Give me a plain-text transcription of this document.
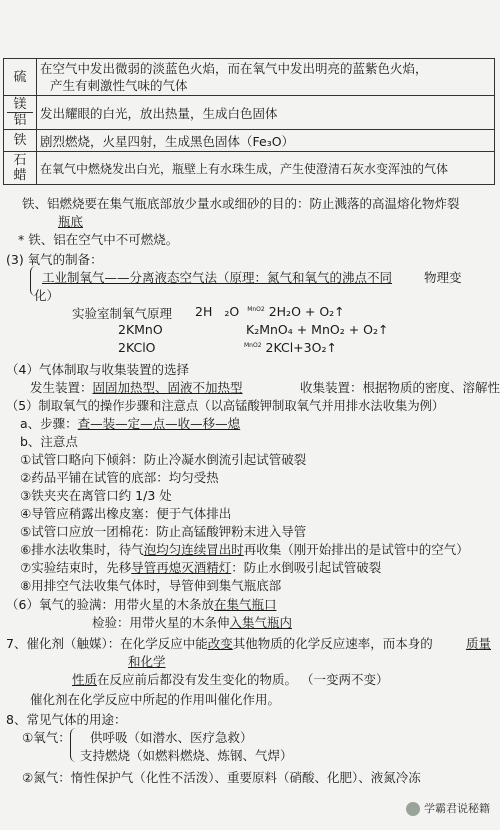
硫	在空气中发出微弱的淡蓝色火焰，而在氧气中发出明亮的蓝紫色火焰，
产生有刺激性气味的气体

镁
铝	发出耀眼的白光，放出热量，生成白色固体
铁	剧烈燃烧，火星四射，生成黑色固体（Fe₃O）

石
蜡	在氧气中燃烧发出白光，瓶壁上有水珠生成，产生使澄清石灰水变浑浊的气体
铁、铝燃烧要在集气瓶底部放少量水或细砂的目的：防止溅落的高温熔化物炸裂
瓶底
* 铁、铝在空气中不可燃烧。
(3) 氧气的制备：
工业制氧气——分离液态空气法（原理：氮气和氧气的沸点不同	物理变
化）
实验室制氧气原理 2H ₂O $^{MnO2}$ 2H₂O + O₂↑
2KMnO	K₂MnO₄ + MnO₂ + O₂↑
2KClO	$^{MnO2}$ 2KCl+3O₂↑
（4）气体制取与收集装置的选择
发生装置：固固加热型、固液不加热型	收集装置：根据物质的密度、溶解性
（5）制取氧气的操作步骤和注意点（以高锰酸钾制取氧气并用排水法收集为例）
a、步骤：查—装—定—点—收—移—熄
b、注意点
①试管口略向下倾斜：防止冷凝水倒流引起试管破裂
②药品平铺在试管的底部：均匀受热
③铁夹夹在离管口约 1/3 处
④导管应稍露出橡皮塞：便于气体排出
⑤试管口应放一团棉花：防止高锰酸钾粉末进入导管
⑥排水法收集时，待气泡均匀连续冒出时再收集（刚开始排出的是试管中的空气）
⑦实验结束时，先移导管再熄灭酒精灯：防止水倒吸引起试管破裂
⑧用排空气法收集气体时，导管伸到集气瓶底部
（6）氧气的验满：用带火星的木条放在集气瓶口
检验：用带火星的木条伸入集气瓶内
7、催化剂（触媒）：在化学反应中能改变其他物质的化学反应速率，而本身的	质量
和化学
性质在反应前后都没有发生变化的物质。 （一变两不变）
催化剂在化学反应中所起的作用叫催化作用。
8、常见气体的用途：
①氧气： 供呼吸（如潜水、医疗急救）
支持燃烧（如燃料燃烧、炼钢、气焊）
②氮气：惰性保护气（化性不活泼）、重要原料（硝酸、化肥）、液氮冷冻
学霸君说秘籍
